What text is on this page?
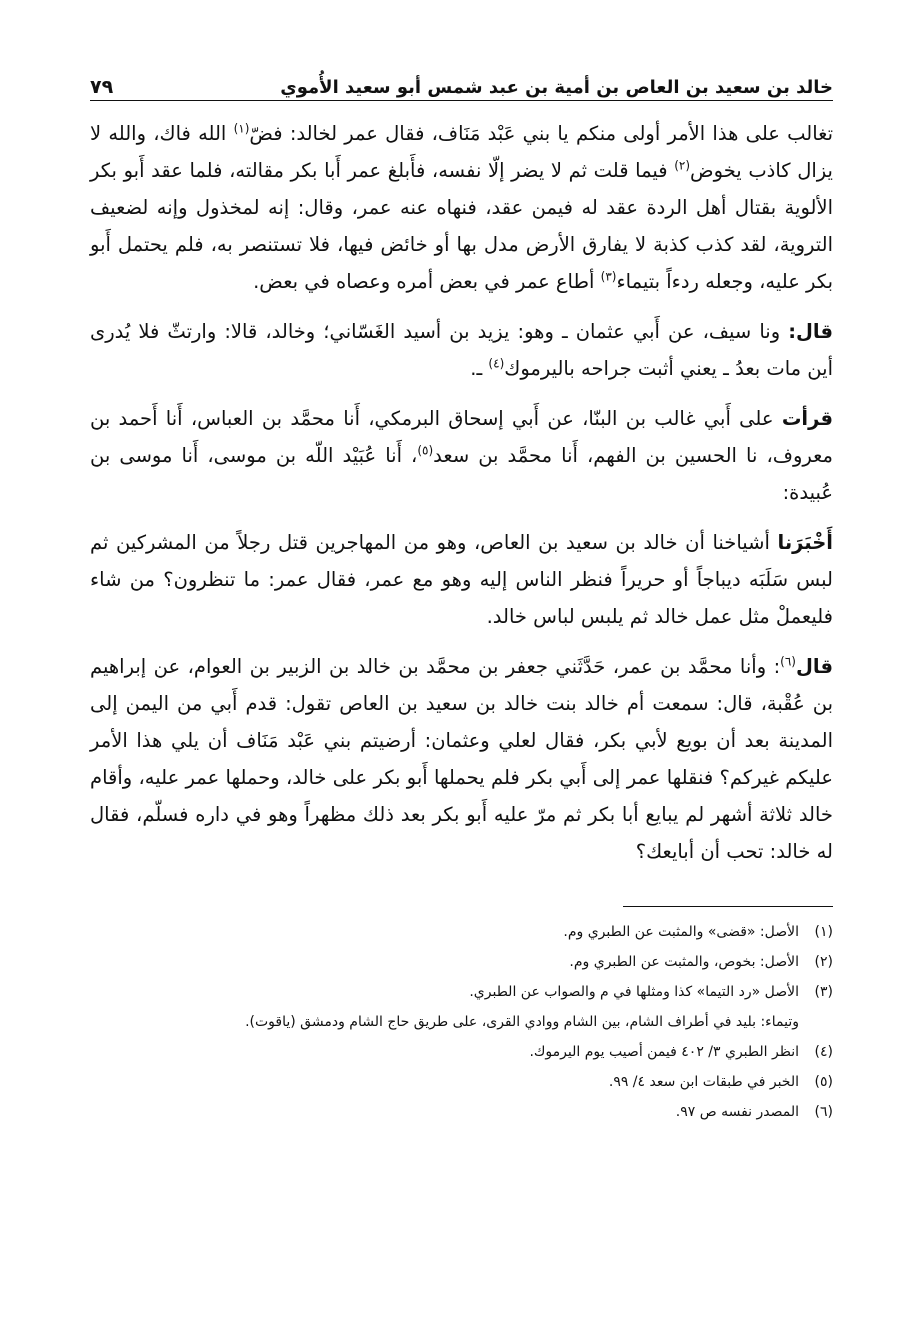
خالد بن سعيد بن العاص بن أمية بن عبد شمس أبو سعيد الأُموي
٧٩

تغالب على هذا الأمر أولى منكم يا بني عَبْد مَنَاف، فقال عمر لخالد: فضّ$^{(١)}$ الله فاك، والله لا يزال كاذب يخوض$^{(٢)}$ فيما قلت ثم لا يضر إلّا نفسه، فأَبلغ عمر أَبا بكر مقالته، فلما عقد أَبو بكر الألوية بقتال أهل الردة عقد له فيمن عقد، فنهاه عنه عمر، وقال: إنه لمخذول وإنه لضعيف التروية، لقد كذب كذبة لا يفارق الأرض مدل بها أو خائض فيها، فلا تستنصر به، فلم يحتمل أَبو بكر عليه، وجعله ردءاً بتيماء$^{(٣)}$ أطاع عمر في بعض أمره وعصاه في بعض.

قال: ونا سيف، عن أَبي عثمان ـ وهو: يزيد بن أسيد الغَسّاني؛ وخالد، قالا: وارتثّ فلا يُدرى أين مات بعدُ ـ يعني أثبت جراحه باليرموك$^{(٤)}$ ـ.

قرأت على أَبي غالب بن البنّا، عن أَبي إسحاق البرمكي، أَنا محمَّد بن العباس، أَنا أَحمد بن معروف، نا الحسين بن الفهم، أَنا محمَّد بن سعد$^{(٥)}$، أَنا عُبَيْد اللّه بن موسى، أَنا موسى بن عُبيدة:

أَخْبَرَنا أشياخنا أن خالد بن سعيد بن العاص، وهو من المهاجرين قتل رجلاً من المشركين ثم لبس سَلَبَه ديباجاً أو حريراً فنظر الناس إليه وهو مع عمر، فقال عمر: ما تنظرون؟ من شاء فليعملْ مثل عمل خالد ثم يلبس لباس خالد.

قال$^{(٦)}$: وأنا محمَّد بن عمر، حَدَّثَني جعفر بن محمَّد بن خالد بن الزبير بن العوام، عن إبراهيم بن عُقْبة، قال: سمعت أم خالد بنت خالد بن سعيد بن العاص تقول: قدم أَبي من اليمن إلى المدينة بعد أن بويع لأبي بكر، فقال لعلي وعثمان: أرضيتم بني عَبْد مَنَاف أن يلي هذا الأمر عليكم غيركم؟ فنقلها عمر إلى أَبي بكر فلم يحملها أَبو بكر على خالد، وحملها عمر عليه، وأقام خالد ثلاثة أشهر لم يبايع أبا بكر ثم مرّ عليه أَبو بكر بعد ذلك مظهراً وهو في داره فسلّم، فقال له خالد: تحب أن أبايعك؟

(١)
الأصل: «قضى» والمثبت عن الطبري وم.
(٢)
الأصل: بخوص، والمثبت عن الطبري وم.
(٣)
الأصل «رد التيما» كذا ومثلها في م والصواب عن الطبري.
وتيماء: بليد في أطراف الشام، بين الشام ووادي القرى، على طريق حاج الشام ودمشق (ياقوت).
(٤)
انظر الطبري ٣/ ٤٠٢ فيمن أصيب يوم اليرموك.
(٥)
الخبر في طبقات ابن سعد ٤/ ٩٩.
(٦)
المصدر نفسه ص ٩٧.
